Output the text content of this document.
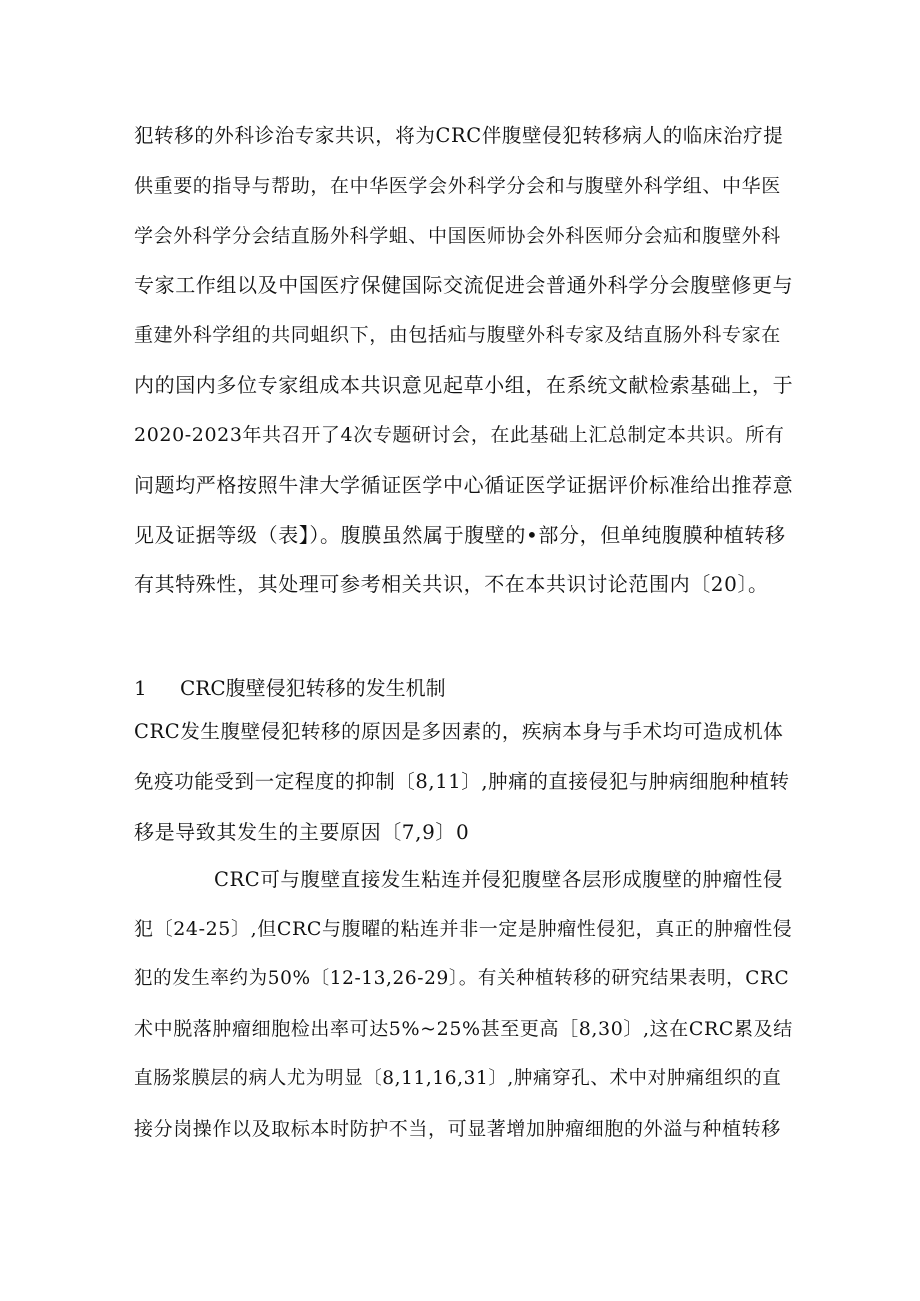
犯转移的外科诊治专家共识，将为CRC伴腹壁侵犯转移病人的临床治疗提
供重要的指导与帮助，在中华医学会外科学分会和与腹壁外科学组、中华医
学会外科学分会结直肠外科学蛆、中国医师协会外科医师分会疝和腹壁外科
专家工作组以及中国医疗保健国际交流促进会普通外科学分会腹壁修更与
重建外科学组的共同蛆织下，由包括疝与腹壁外科专家及结直肠外科专家在
内的国内多位专家组成本共识意见起草小组，在系统文献检索基础上，于
2020-2023年共召开了4次专题研讨会，在此基础上汇总制定本共识。所有
问题均严格按照牛津大学循证医学中心循证医学证据评价标准给出推荐意
见及证据等级（表】）。腹膜虽然属于腹壁的•部分，但单纯腹膜种植转移
有其特殊性，其处理可参考相关共识，不在本共识讨论范围内〔20〕。
1 CRC腹壁侵犯转移的发生机制
CRC发生腹壁侵犯转移的原因是多因素的，疾病本身与手术均可造成机体
免疫功能受到一定程度的抑制〔8,11〕,肿痛的直接侵犯与肿病细胞种植转
移是导致其发生的主要原因〔7,9〕0
CRC可与腹壁直接发生粘连并侵犯腹壁各层形成腹壁的肿瘤性侵
犯〔24-25〕,但CRC与腹曜的粘连并非一定是肿瘤性侵犯，真正的肿瘤性侵
犯的发生率约为50%〔12-13,26-29〕。有关种植转移的研究结果表明，CRC
术中脱落肿瘤细胞检出率可达5%~25%甚至更高［8,30〕,这在CRC累及结
直肠浆膜层的病人尤为明显〔8,11,16,31〕,肿痛穿孔、术中对肿痛组织的直
接分岗操作以及取标本时防护不当，可显著增加肿瘤细胞的外溢与种植转移
